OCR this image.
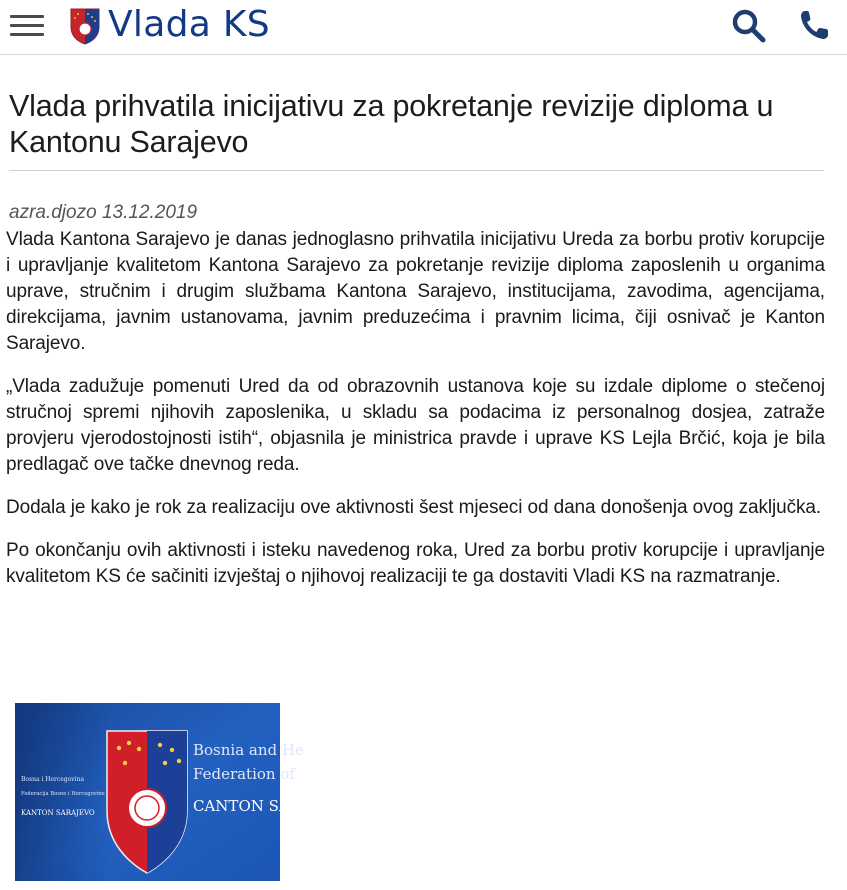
Vlada KS
Vlada prihvatila inicijativu za pokretanje revizije diploma u Kantonu Sarajevo
azra.djozo 13.12.2019

Vlada Kantona Sarajevo je danas jednoglasno prihvatila inicijativu Ureda za borbu protiv korupcije i upravljanje kvalitetom Kantona Sarajevo za pokretanje revizije diploma zaposlenih u organima uprave, stručnim i drugim službama Kantona Sarajevo, institucijama, zavodima, agencijama, direkcijama, javnim ustanovama, javnim preduzećima i pravnim licima, čiji osnivač je Kanton Sarajevo.

„Vlada zadužuje pomenuti Ured da od obrazovnih ustanova koje su izdale diplome o stečenoj stručnoj spremi njihovih zaposlenika, u skladu sa podacima iz personalnog dosjea, zatraže provjeru vjerodostojnosti istih“, objasnila je ministrica pravde i uprave KS Lejla Brčić, koja je bila predlagač ove tačke dnevnog reda.

Dodala je kako je rok za realizaciju ove aktivnosti šest mjeseci od dana donošenja ovog zaključka.

Po okončanju ovih aktivnosti i isteku navedenog roka, Ured za borbu protiv korupcije i upravljanje kvalitetom KS će sačiniti izvještaj o njihovoj realizaciji te ga dostaviti Vladi KS na razmatranje.

Bosna i Hercegovina
Federacija Bosne i Hercegovine
KANTON SARAJEVO
Bosnia and He
Federation of
CANTON SA
